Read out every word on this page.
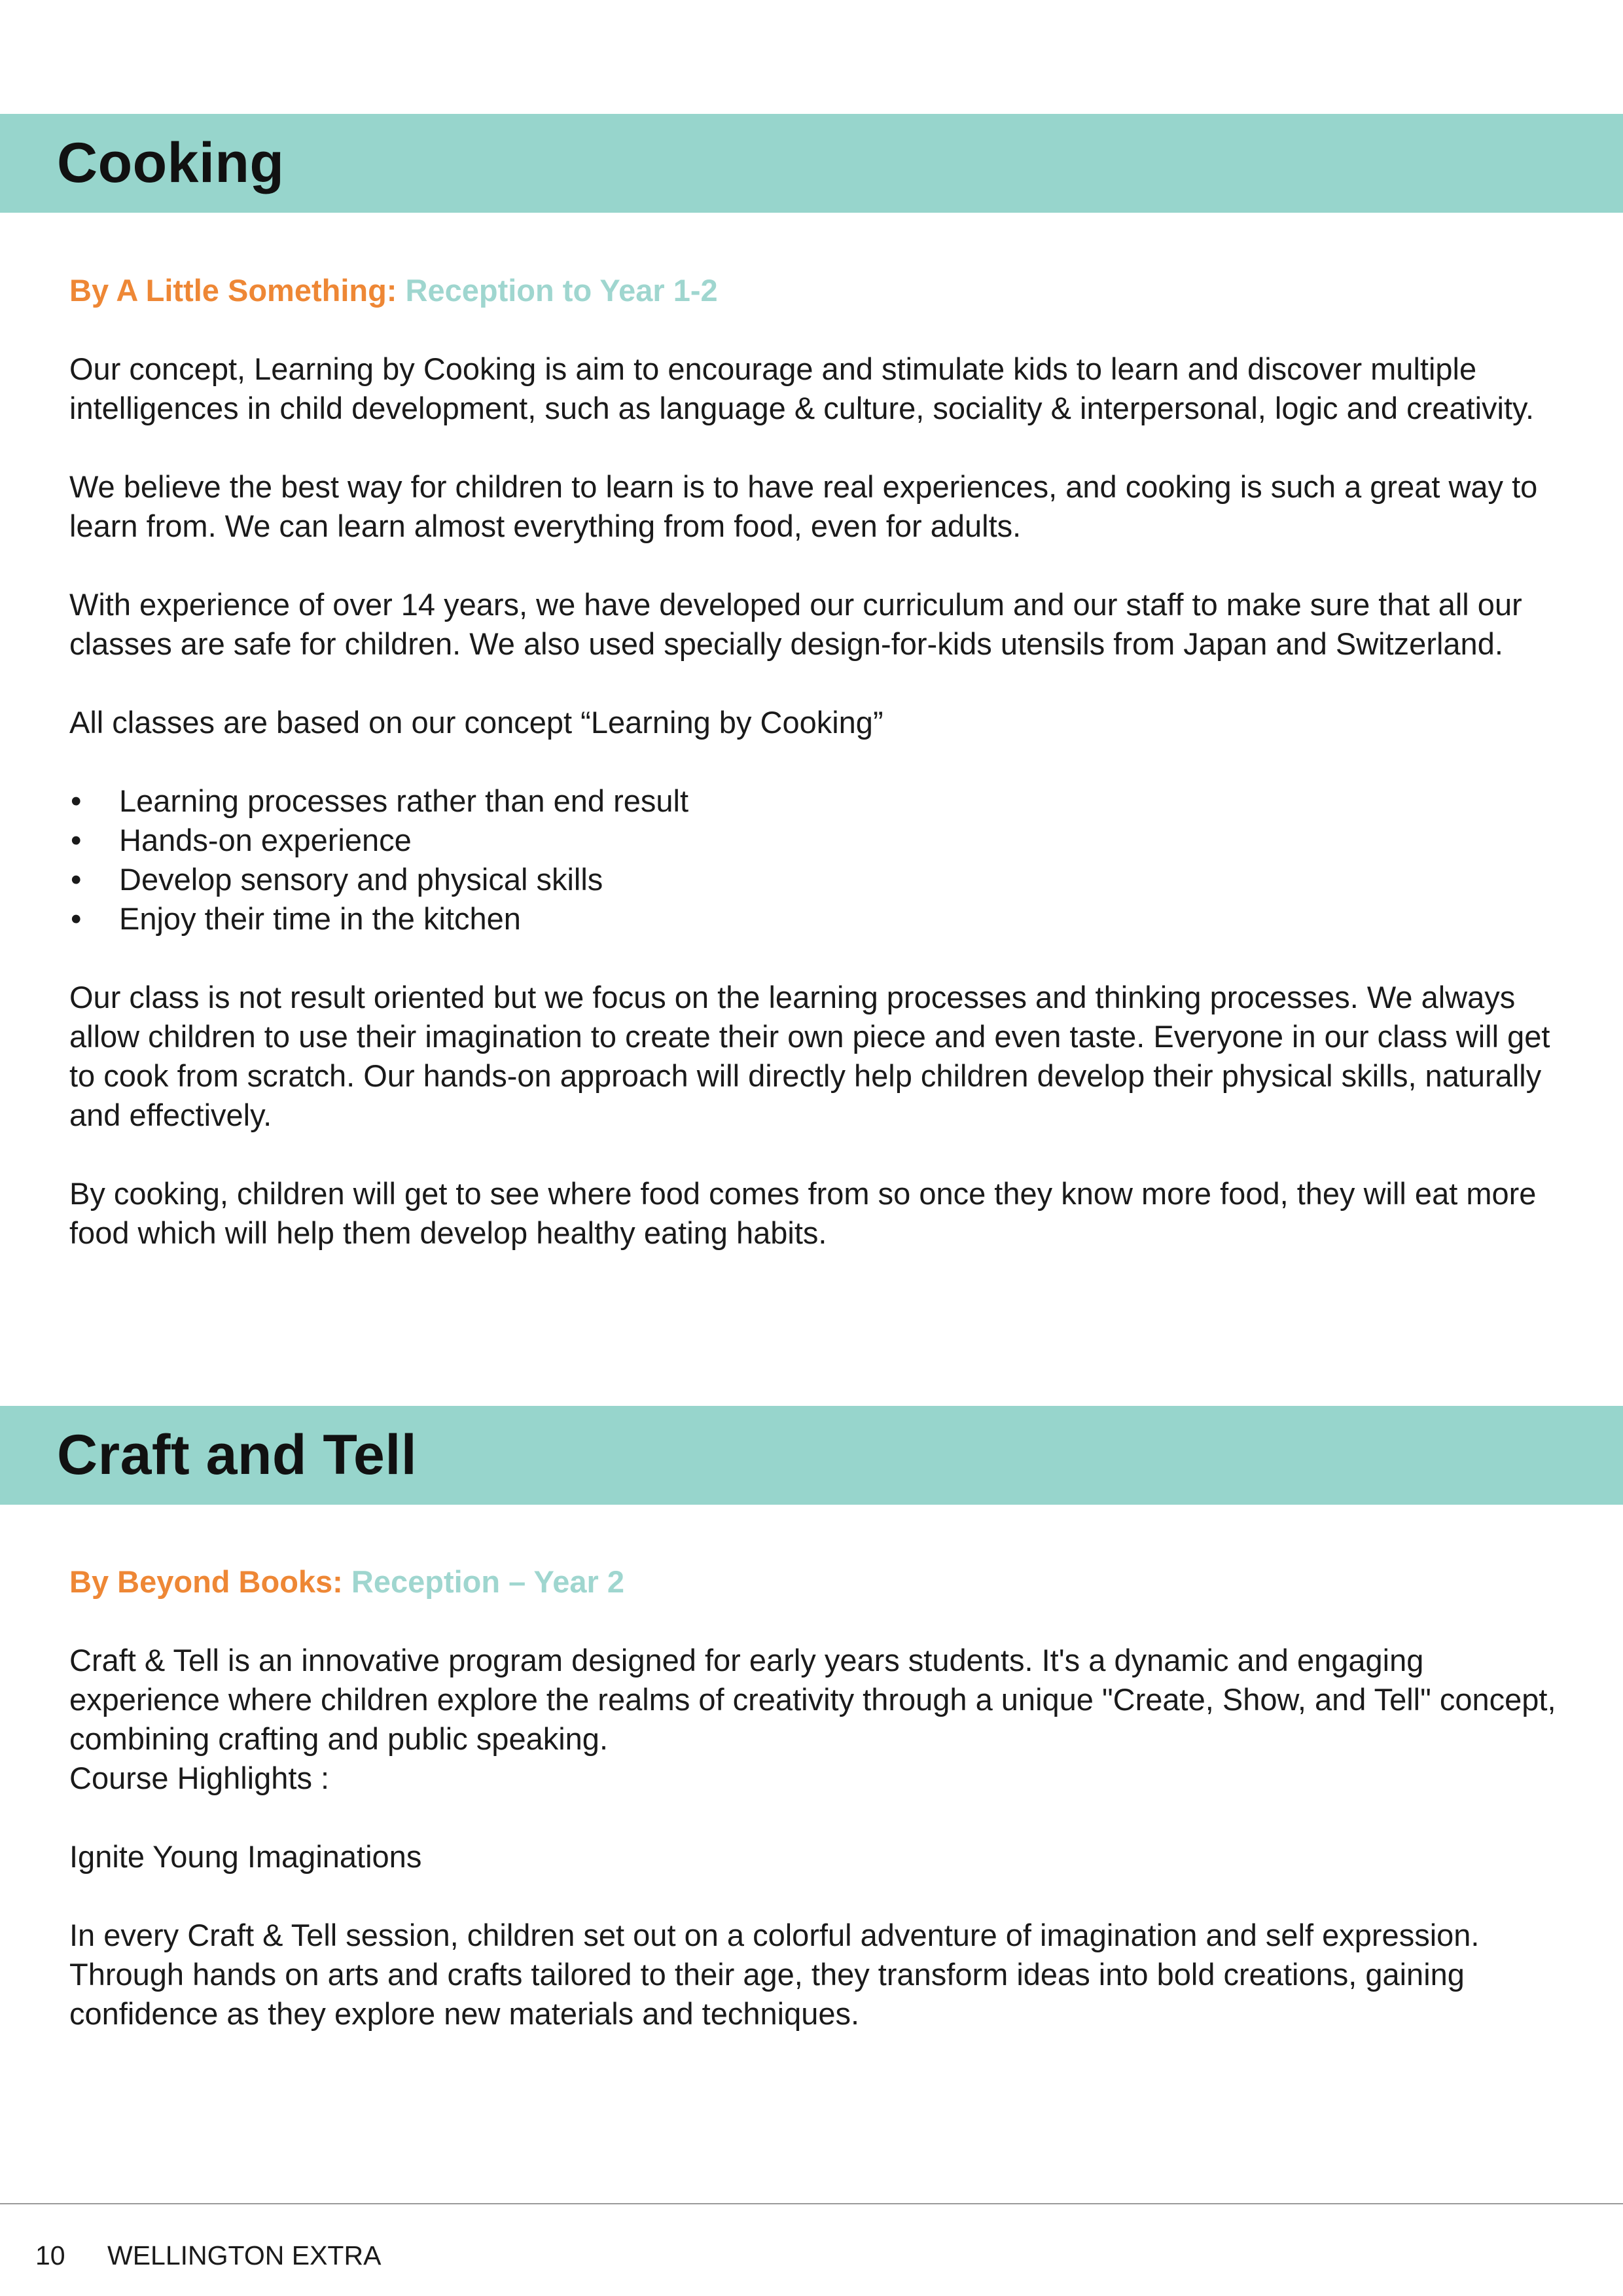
Cooking

By A Little Something: Reception to Year 1-2

Our concept, Learning by Cooking is aim to encourage and stimulate kids to learn and discover multiple intelligences in child development, such as language & culture, sociality & interpersonal, logic and creativity.

We believe the best way for children to learn is to have real experiences, and cooking is such a great way to learn from. We can learn almost everything from food, even for adults.

With experience of over 14 years, we have developed our curriculum and our staff to make sure that all our classes are safe for children. We also used specially design-for-kids utensils from Japan and Switzerland.

All classes are based on our concept “Learning by Cooking”

• Learning processes rather than end result
• Hands-on experience
• Develop sensory and physical skills
• Enjoy their time in the kitchen

Our class is not result oriented but we focus on the learning processes and thinking processes. We always allow children to use their imagination to create their own piece and even taste. Everyone in our class will get to cook from scratch. Our hands-on approach will directly help children develop their physical skills, naturally and effectively.

By cooking, children will get to see where food comes from so once they know more food, they will eat more food which will help them develop healthy eating habits.

Craft and Tell

By Beyond Books: Reception – Year 2

Craft & Tell is an innovative program designed for early years students. It's a dynamic and engaging experience where children explore the realms of creativity through a unique "Create, Show, and Tell" concept, combining crafting and public speaking.

Course Highlights :

Ignite Young Imaginations

In every Craft & Tell session, children set out on a colorful adventure of imagination and self expression. Through hands on arts and crafts tailored to their age, they transform ideas into bold creations, gaining confidence as they explore new materials and techniques.

10 WELLINGTON EXTRA
